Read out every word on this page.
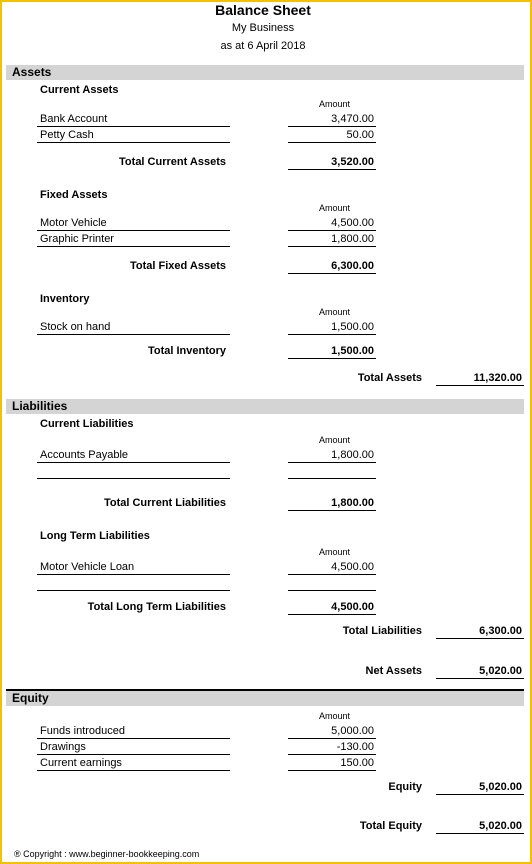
Balance Sheet
My Business
as at 6 April 2018
Assets
Current Assets
Amount
Bank Account	3,470.00
Petty Cash	50.00
Total Current Assets	3,520.00
Fixed Assets
Amount
Motor Vehicle	4,500.00
Graphic Printer	1,800.00
Total Fixed Assets	6,300.00
Inventory
Amount
Stock on hand	1,500.00
Total Inventory	1,500.00
Total Assets	11,320.00
Liabilities
Current Liabilities
Amount
Accounts Payable	1,800.00
Total Current Liabilities	1,800.00
Long Term Liabilities
Amount
Motor Vehicle Loan	4,500.00
Total Long Term Liabilities	4,500.00
Total Liabilities	6,300.00
Net Assets	5,020.00
Equity
Amount
Funds introduced	5,000.00
Drawings	-130.00
Current earnings	150.00
Equity	5,020.00
Total Equity	5,020.00
® Copyright : www.beginner-bookkeeping.com
